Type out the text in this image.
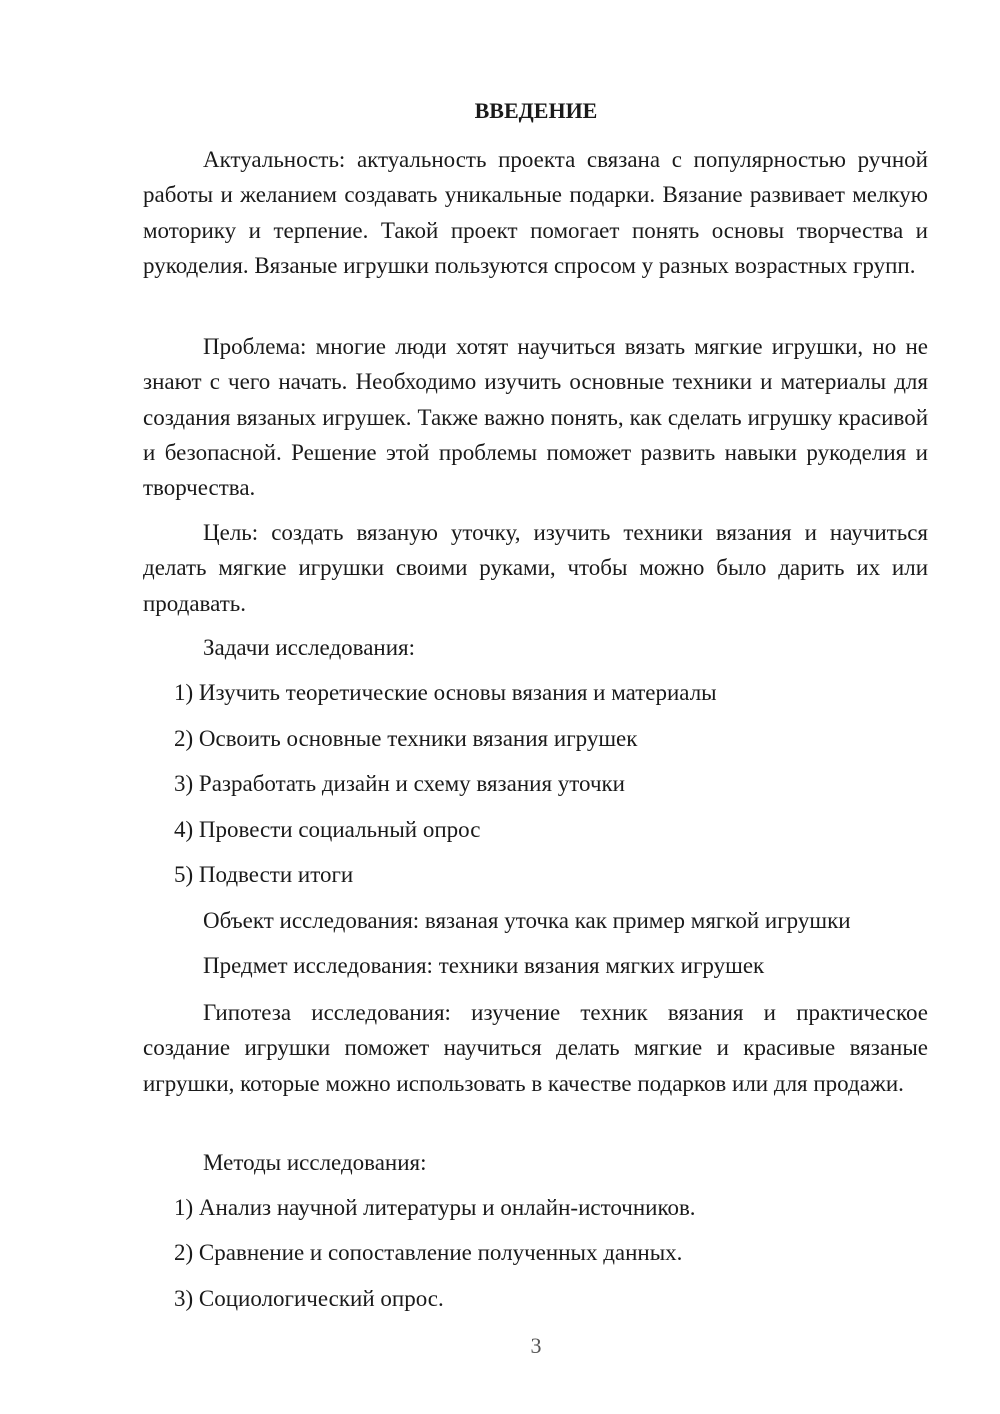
ВВЕДЕНИЕ

Актуальность: актуальность проекта связана с популярностью ручной работы и желанием создавать уникальные подарки. Вязание развивает мелкую моторику и терпение. Такой проект помогает понять основы творчества и рукоделия. Вязаные игрушки пользуются спросом у разных возрастных групп.

Проблема: многие люди хотят научиться вязать мягкие игрушки, но не знают с чего начать. Необходимо изучить основные техники и материалы для создания вязаных игрушек. Также важно понять, как сделать игрушку красивой и безопасной. Решение этой проблемы поможет развить навыки рукоделия и творчества.

Цель: создать вязаную уточку, изучить техники вязания и научиться делать мягкие игрушки своими руками, чтобы можно было дарить их или продавать.

Задачи исследования:

1) Изучить теоретические основы вязания и материалы

2) Освоить основные техники вязания игрушек

3) Разработать дизайн и схему вязания уточки

4) Провести социальный опрос

5) Подвести итоги

Объект исследования: вязаная уточка как пример мягкой игрушки

Предмет исследования: техники вязания мягких игрушек

Гипотеза исследования: изучение техник вязания и практическое создание игрушки поможет научиться делать мягкие и красивые вязаные игрушки, которые можно использовать в качестве подарков или для продажи.

Методы исследования:

1) Анализ научной литературы и онлайн-источников.

2) Сравнение и сопоставление полученных данных.

3) Социологический опрос.

3
